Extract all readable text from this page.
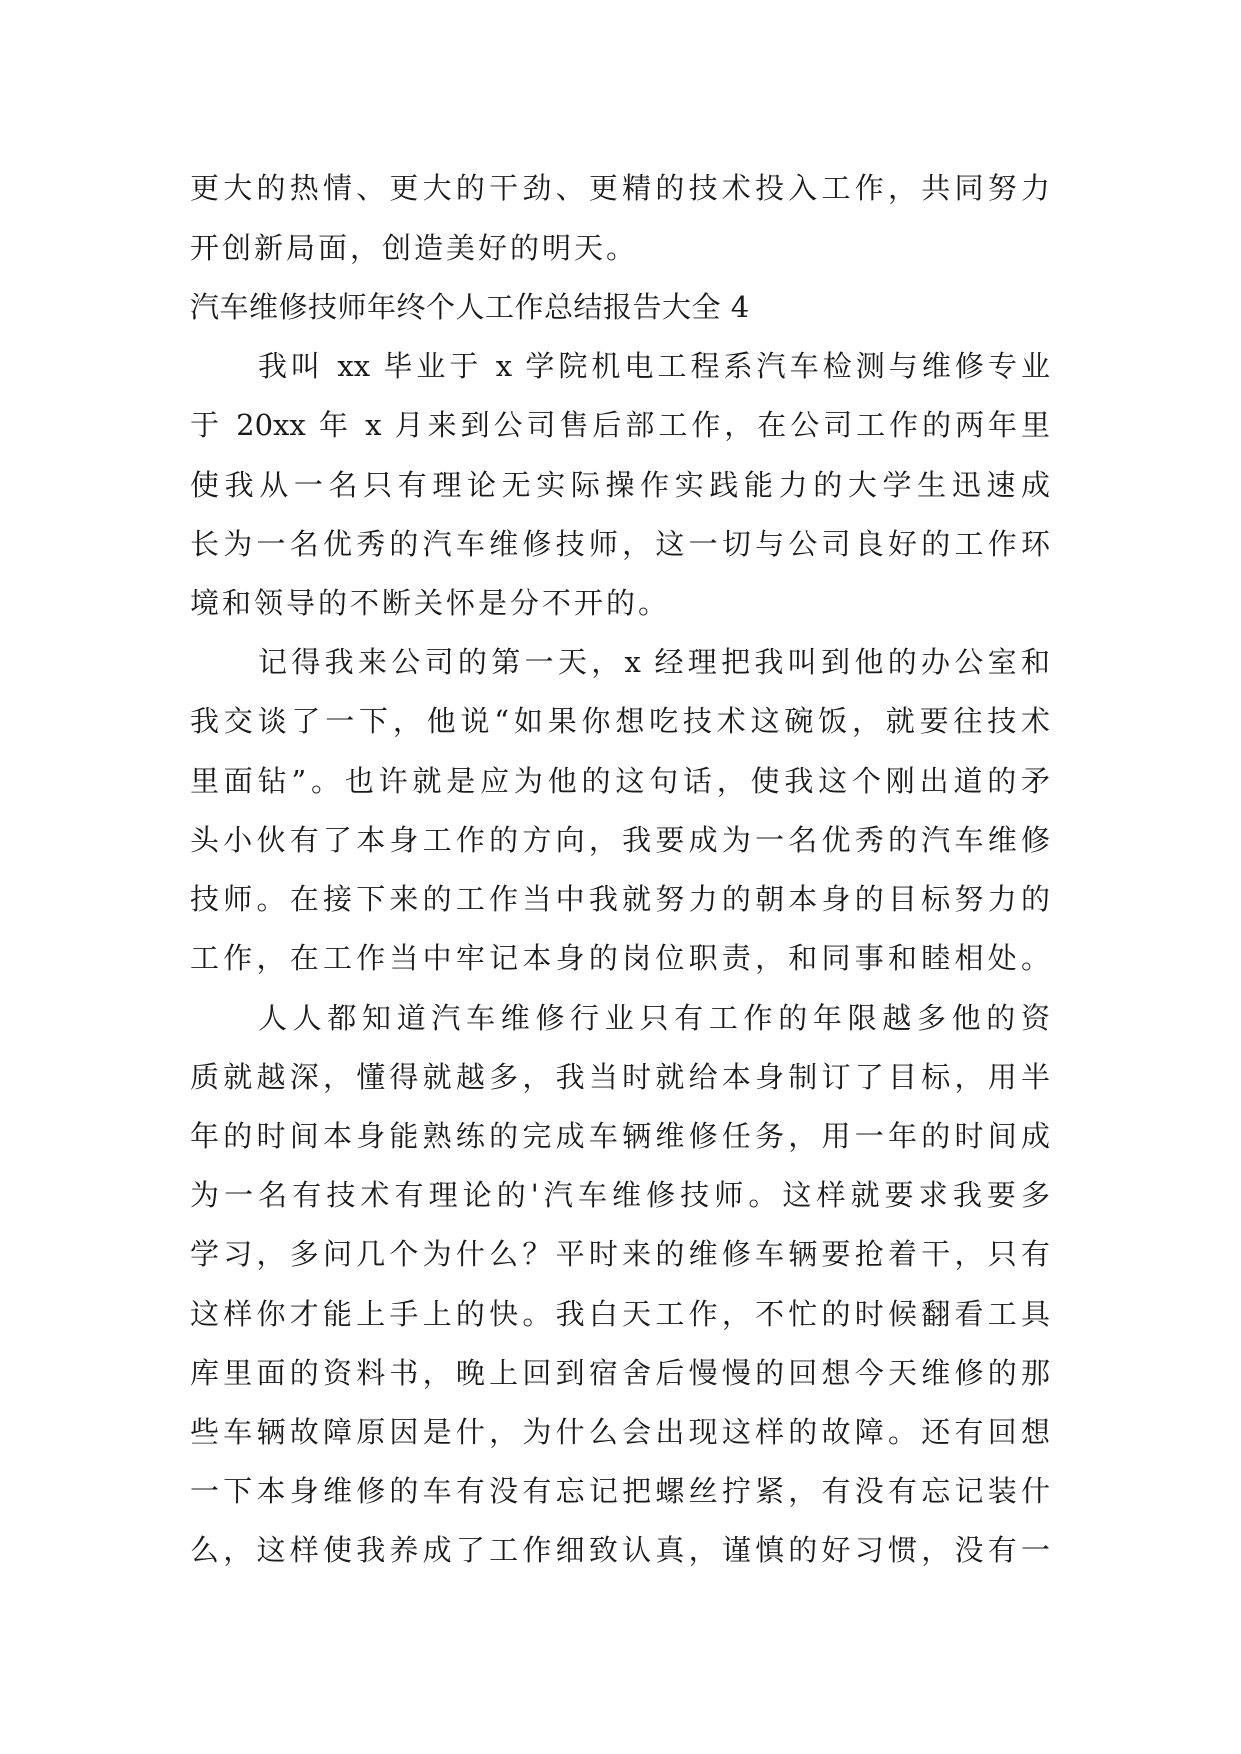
更大的热情、更大的干劲、更精的技术投入工作，共同努力
开创新局面，创造美好的明天。
汽车维修技师年终个人工作总结报告大全 4
我叫 xx 毕业于 x 学院机电工程系汽车检测与维修专业
于 20xx 年 x 月来到公司售后部工作，在公司工作的两年里
使我从一名只有理论无实际操作实践能力的大学生迅速成
长为一名优秀的汽车维修技师，这一切与公司良好的工作环
境和领导的不断关怀是分不开的。
记得我来公司的第一天，x 经理把我叫到他的办公室和
我交谈了一下，他说“如果你想吃技术这碗饭，就要往技术
里面钻”。也许就是应为他的这句话，使我这个刚出道的矛
头小伙有了本身工作的方向，我要成为一名优秀的汽车维修
技师。在接下来的工作当中我就努力的朝本身的目标努力的
工作，在工作当中牢记本身的岗位职责，和同事和睦相处。
人人都知道汽车维修行业只有工作的年限越多他的资
质就越深，懂得就越多，我当时就给本身制订了目标，用半
年的时间本身能熟练的完成车辆维修任务，用一年的时间成
为一名有技术有理论的'汽车维修技师。这样就要求我要多
学习，多问几个为什么？平时来的维修车辆要抢着干，只有
这样你才能上手上的快。我白天工作，不忙的时候翻看工具
库里面的资料书，晚上回到宿舍后慢慢的回想今天维修的那
些车辆故障原因是什，为什么会出现这样的故障。还有回想
一下本身维修的车有没有忘记把螺丝拧紧，有没有忘记装什
么，这样使我养成了工作细致认真，谨慎的好习惯，没有一
